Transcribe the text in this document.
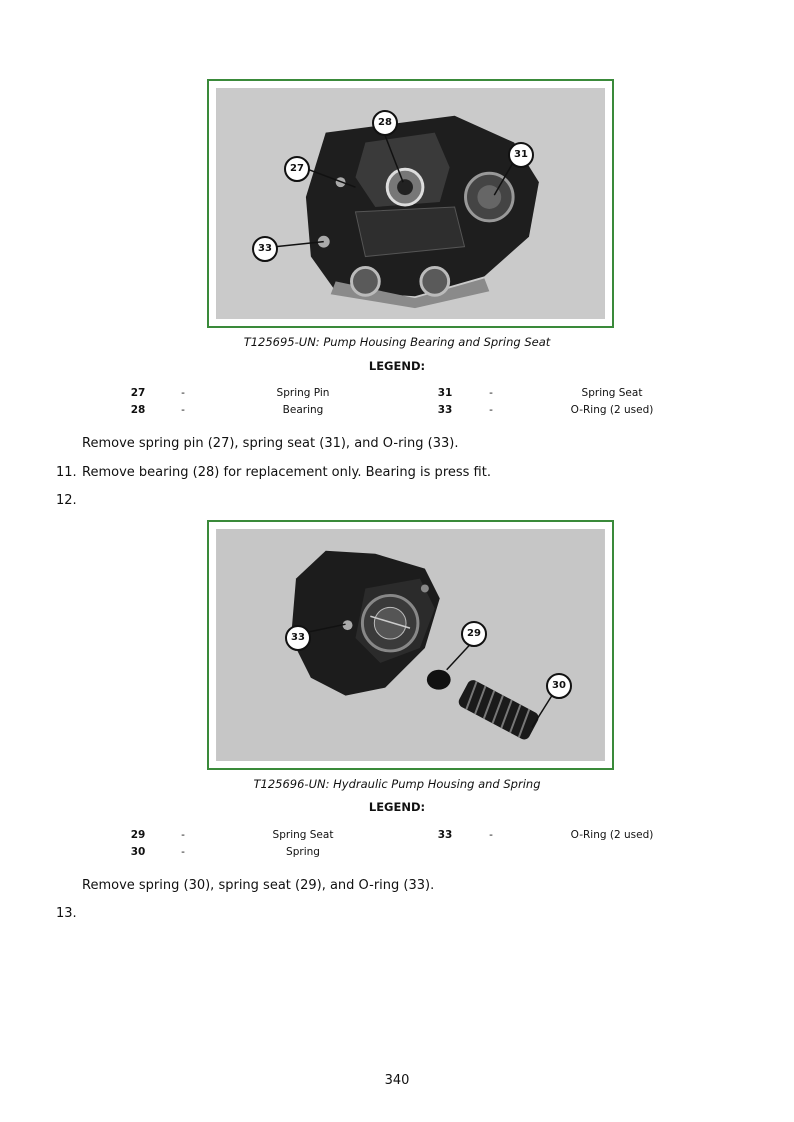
28
27
31
33
T125695-UN: Pump Housing Bearing and Spring Seat
LEGEND:
27	-	Spring Pin	31	-	Spring Seat
28	-	Bearing	33	-	O-Ring (2 used)
Remove spring pin (27), spring seat (31), and O-ring (33).
11. Remove bearing (28) for replacement only. Bearing is press fit.
12.
33	29
30
T125696-UN: Hydraulic Pump Housing and Spring
LEGEND:
29	-	Spring Seat	33	-	O-Ring (2 used)
30	-	Spring
Remove spring (30), spring seat (29), and O-ring (33).
13.
340
